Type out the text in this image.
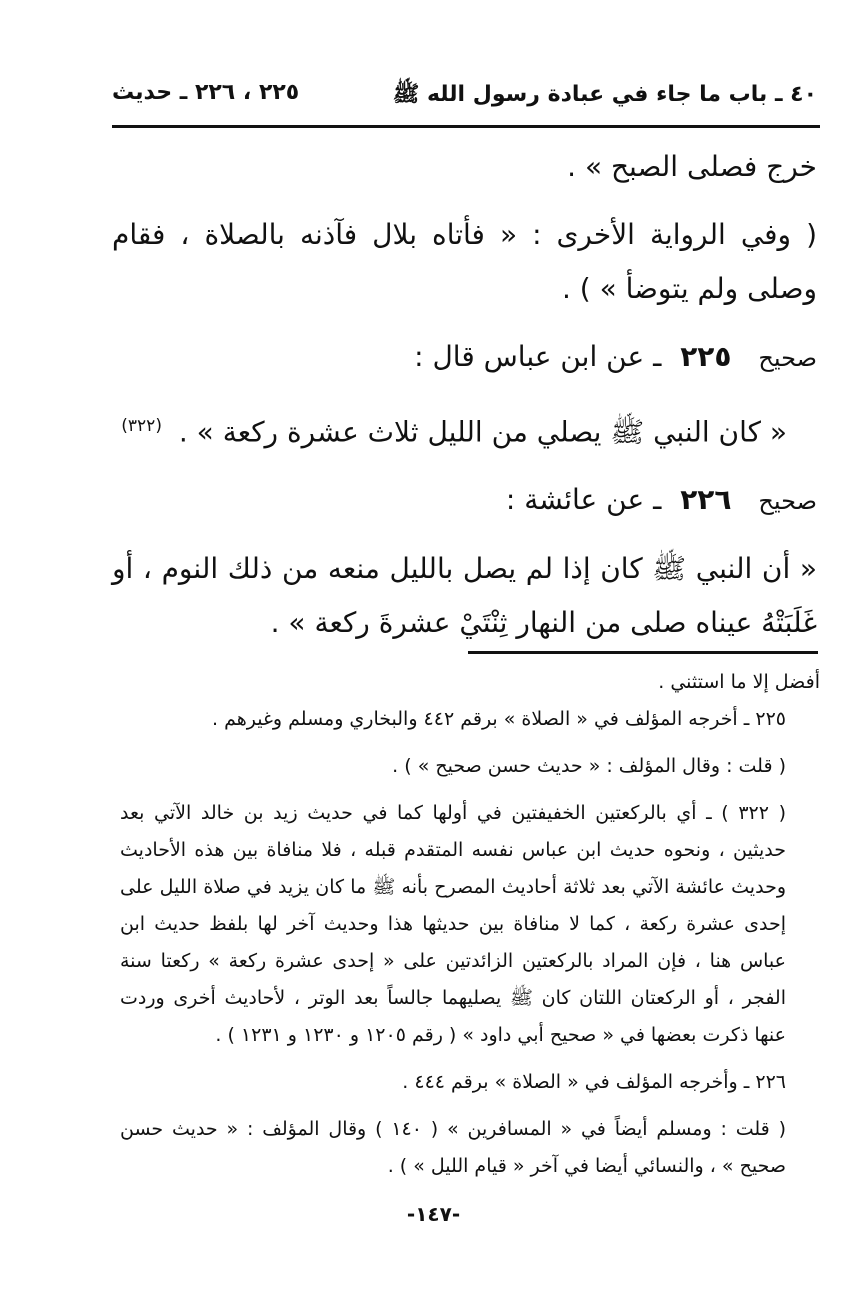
٤٠ ـ باب ما جاء في عبادة رسول الله ﷺ
٢٢٥ ، ٢٢٦ ـ حديث

خرج فصلى الصبح » .

( وفي الرواية الأخرى : « فأتاه بلال فآذنه بالصلاة ، فقام وصلى ولم يتوضأ » ) .

صحيح ٢٢٥ ـ عن ابن عباس قال :

« كان النبي ﷺ يصلي من الليل ثلاث عشرة ركعة » . $^{(٣٢٢)}$

صحيح ٢٢٦ ـ عن عائشة :

« أن النبي ﷺ كان إذا لم يصل بالليل منعه من ذلك النوم ، أو غَلَبَتْهُ عيناه صلى من النهار ثِنْتَيْ عشرةَ ركعة » .

أفضل إلا ما استثني .

٢٢٥ ـ أخرجه المؤلف في « الصلاة » برقم ٤٤٢ والبخاري ومسلم وغيرهم .

( قلت : وقال المؤلف : « حديث حسن صحيح » ) .

( ٣٢٢ ) ـ أي بالركعتين الخفيفتين في أولها كما في حديث زيد بن خالد الآتي بعد حديثين ، ونحوه حديث ابن عباس نفسه المتقدم قبله ، فلا منافاة بين هذه الأحاديث وحديث عائشة الآتي بعد ثلاثة أحاديث المصرح بأنه ﷺ ما كان يزيد في صلاة الليل على إحدى عشرة ركعة ، كما لا منافاة بين حديثها هذا وحديث آخر لها بلفظ حديث ابن عباس هنا ، فإن المراد بالركعتين الزائدتين على « إحدى عشرة ركعة » ركعتا سنة الفجر ، أو الركعتان اللتان كان ﷺ يصليهما جالساً بعد الوتر ، لأحاديث أخرى وردت عنها ذكرت بعضها في « صحيح أبي داود » ( رقم ١٢٠٥ و ١٢٣٠ و ١٢٣١ ) .

٢٢٦ ـ وأخرجه المؤلف في « الصلاة » برقم ٤٤٤ .

( قلت : ومسلم أيضاً في « المسافرين » ( ١٤٠ ) وقال المؤلف : « حديث حسن صحيح » ، والنسائي أيضا في آخر « قيام الليل » ) .

-١٤٧-
